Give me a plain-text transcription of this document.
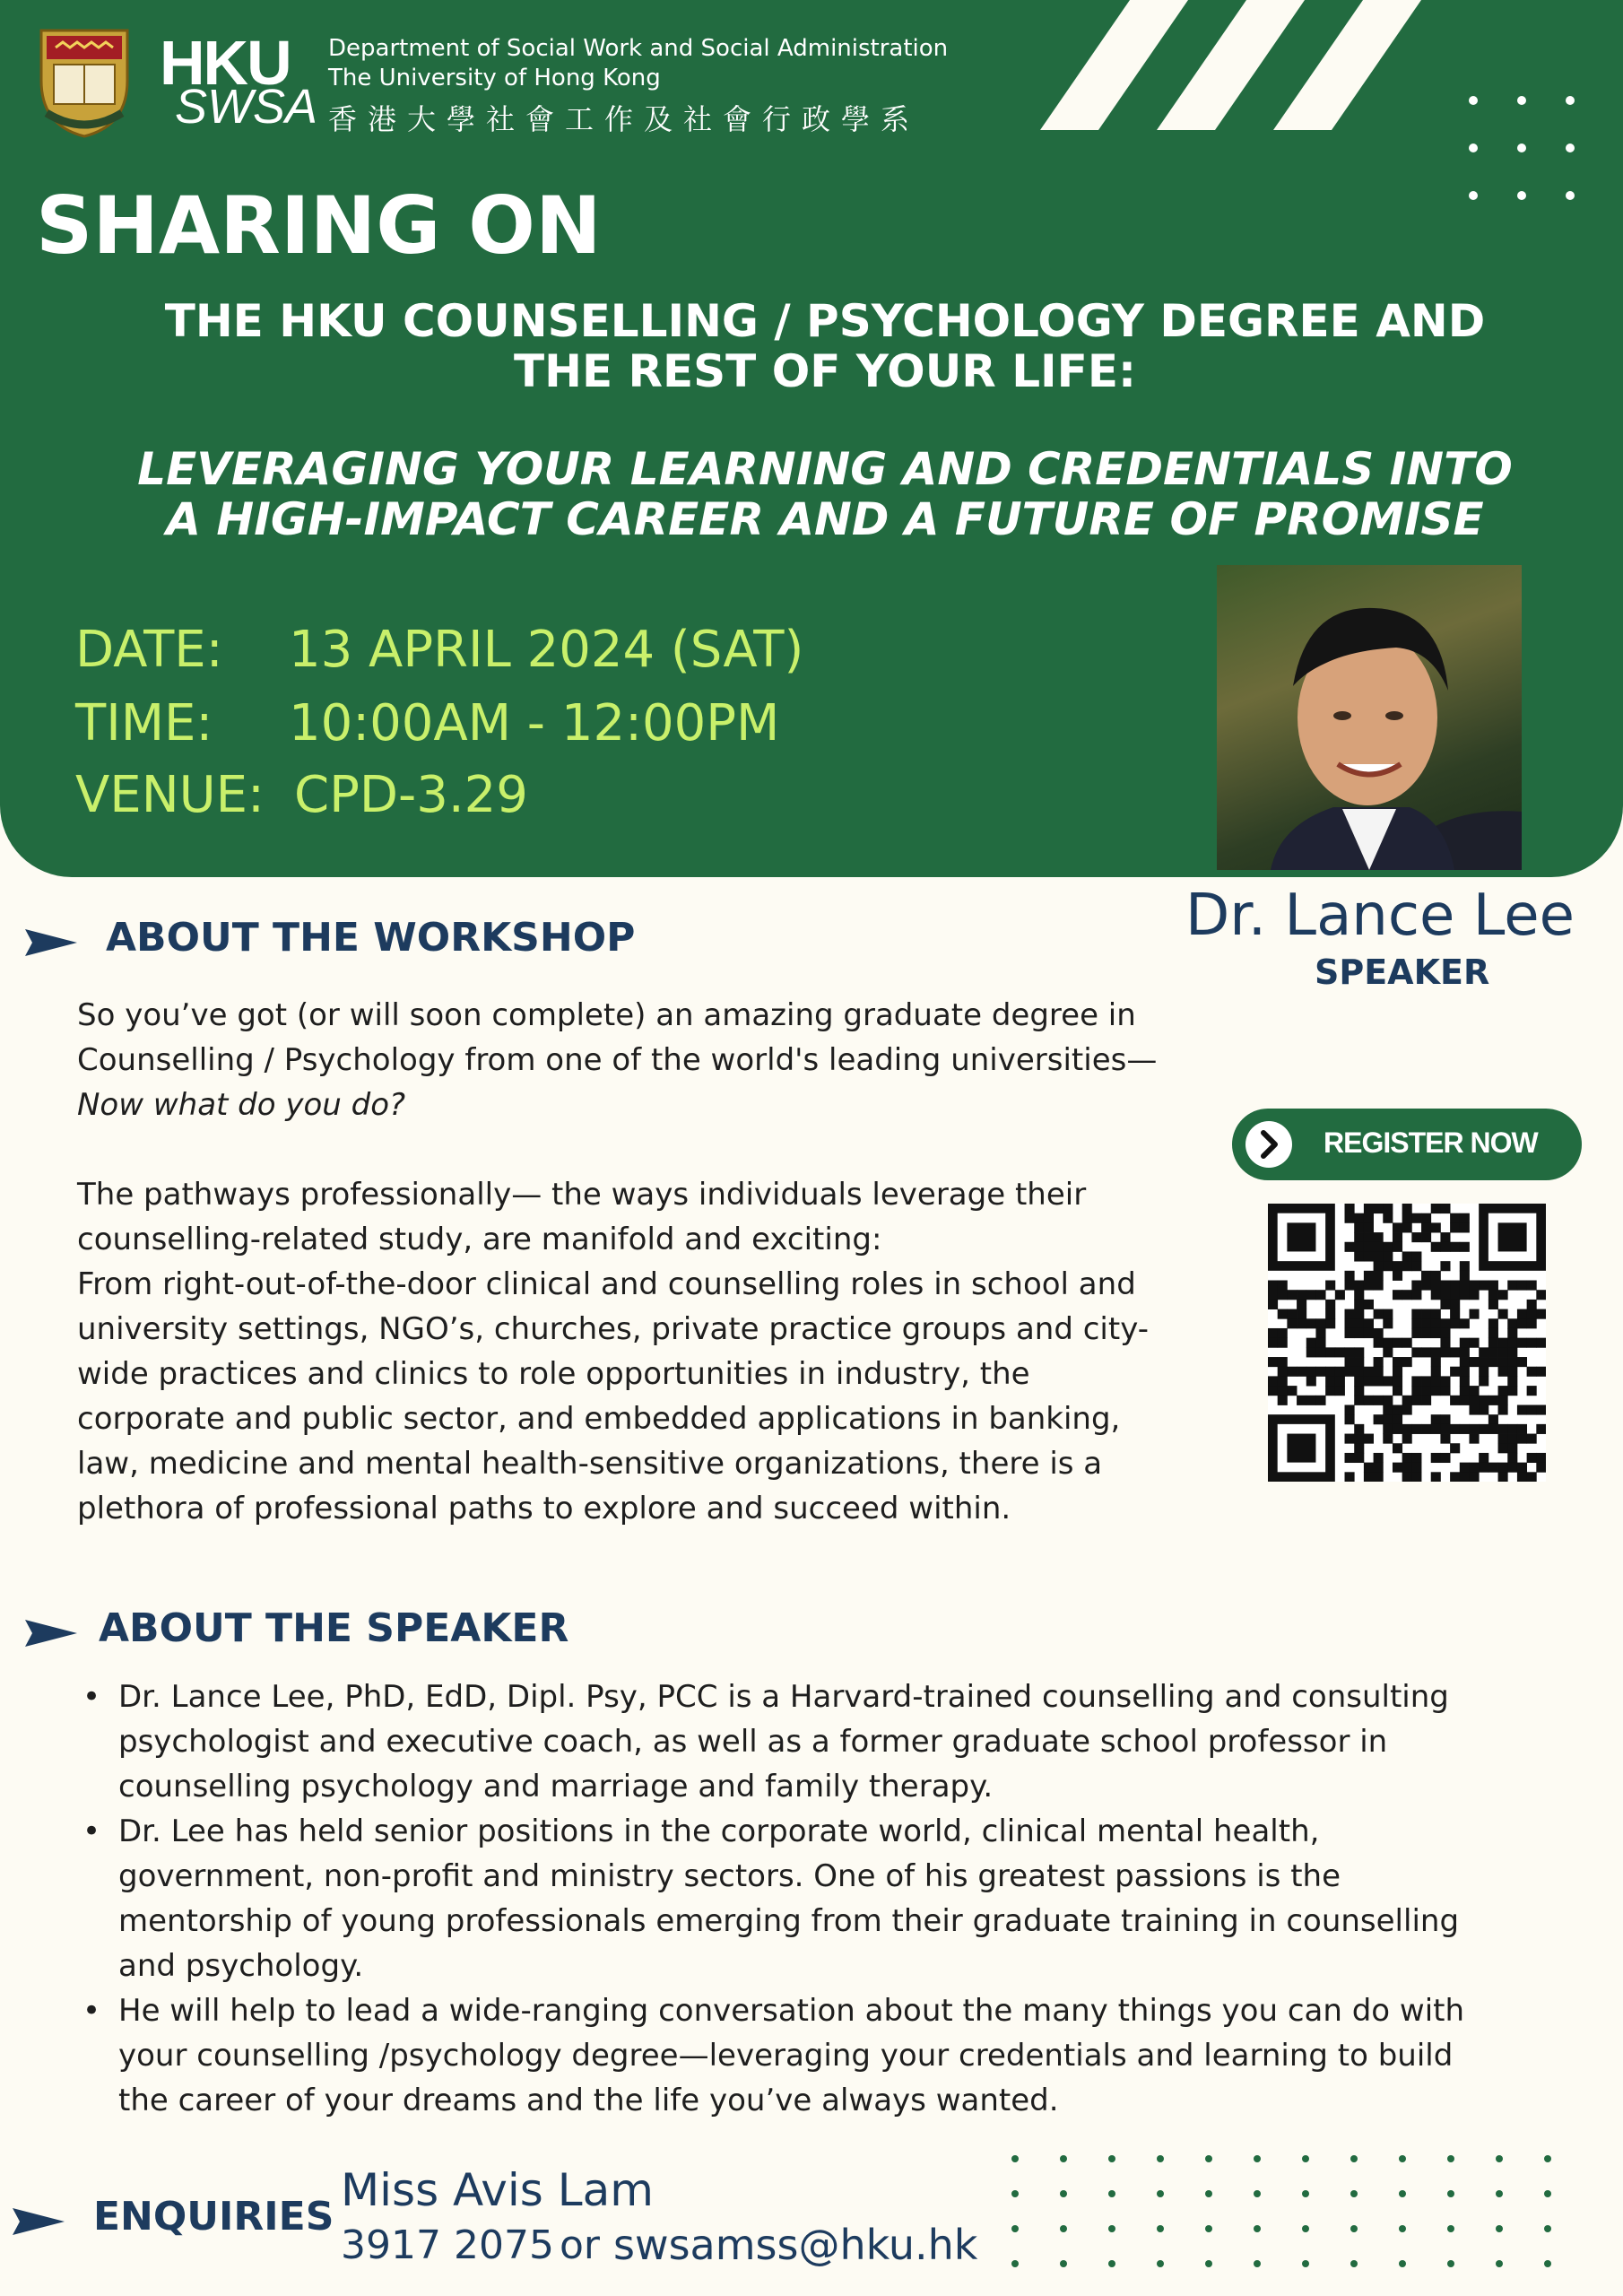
HKU
SWSA
Department of Social Work and Social Administration
The University of Hong Kong
香港大學社會工作及社會行政學系
SHARING ON
THE HKU COUNSELLING / PSYCHOLOGY DEGREE AND
THE REST OF YOUR LIFE:
LEVERAGING YOUR LEARNING AND CREDENTIALS INTO
A HIGH-IMPACT CAREER AND A FUTURE OF PROMISE
DATE: 13 APRIL 2024 (SAT)
TIME: 10:00AM - 12:00PM
VENUE: CPD-3.29
Dr. Lance Lee
SPEAKER
ABOUT THE WORKSHOP
So you’ve got (or will soon complete) an amazing graduate degree in
Counselling / Psychology from one of the world's leading universities—
Now what do you do?
The pathways professionally— the ways individuals leverage their
counselling-related study, are manifold and exciting:
From right-out-of-the-door clinical and counselling roles in school and
university settings, NGO’s, churches, private practice groups and city-
wide practices and clinics to role opportunities in industry, the
corporate and public sector, and embedded applications in banking,
law, medicine and mental health-sensitive organizations, there is a
plethora of professional paths to explore and succeed within.
REGISTER NOW
ABOUT THE SPEAKER
• Dr. Lance Lee, PhD, EdD, Dipl. Psy, PCC is a Harvard-trained counselling and consulting
psychologist and executive coach, as well as a former graduate school professor in
counselling psychology and marriage and family therapy.
• Dr. Lee has held senior positions in the corporate world, clinical mental health,
government, non-profit and ministry sectors. One of his greatest passions is the
mentorship of young professionals emerging from their graduate training in counselling
and psychology.
• He will help to lead a wide-ranging conversation about the many things you can do with
your counselling /psychology degree—leveraging your credentials and learning to build
the career of your dreams and the life you’ve always wanted.
ENQUIRIES
Miss Avis Lam
3917 2075 or swsamss@hku.hk
